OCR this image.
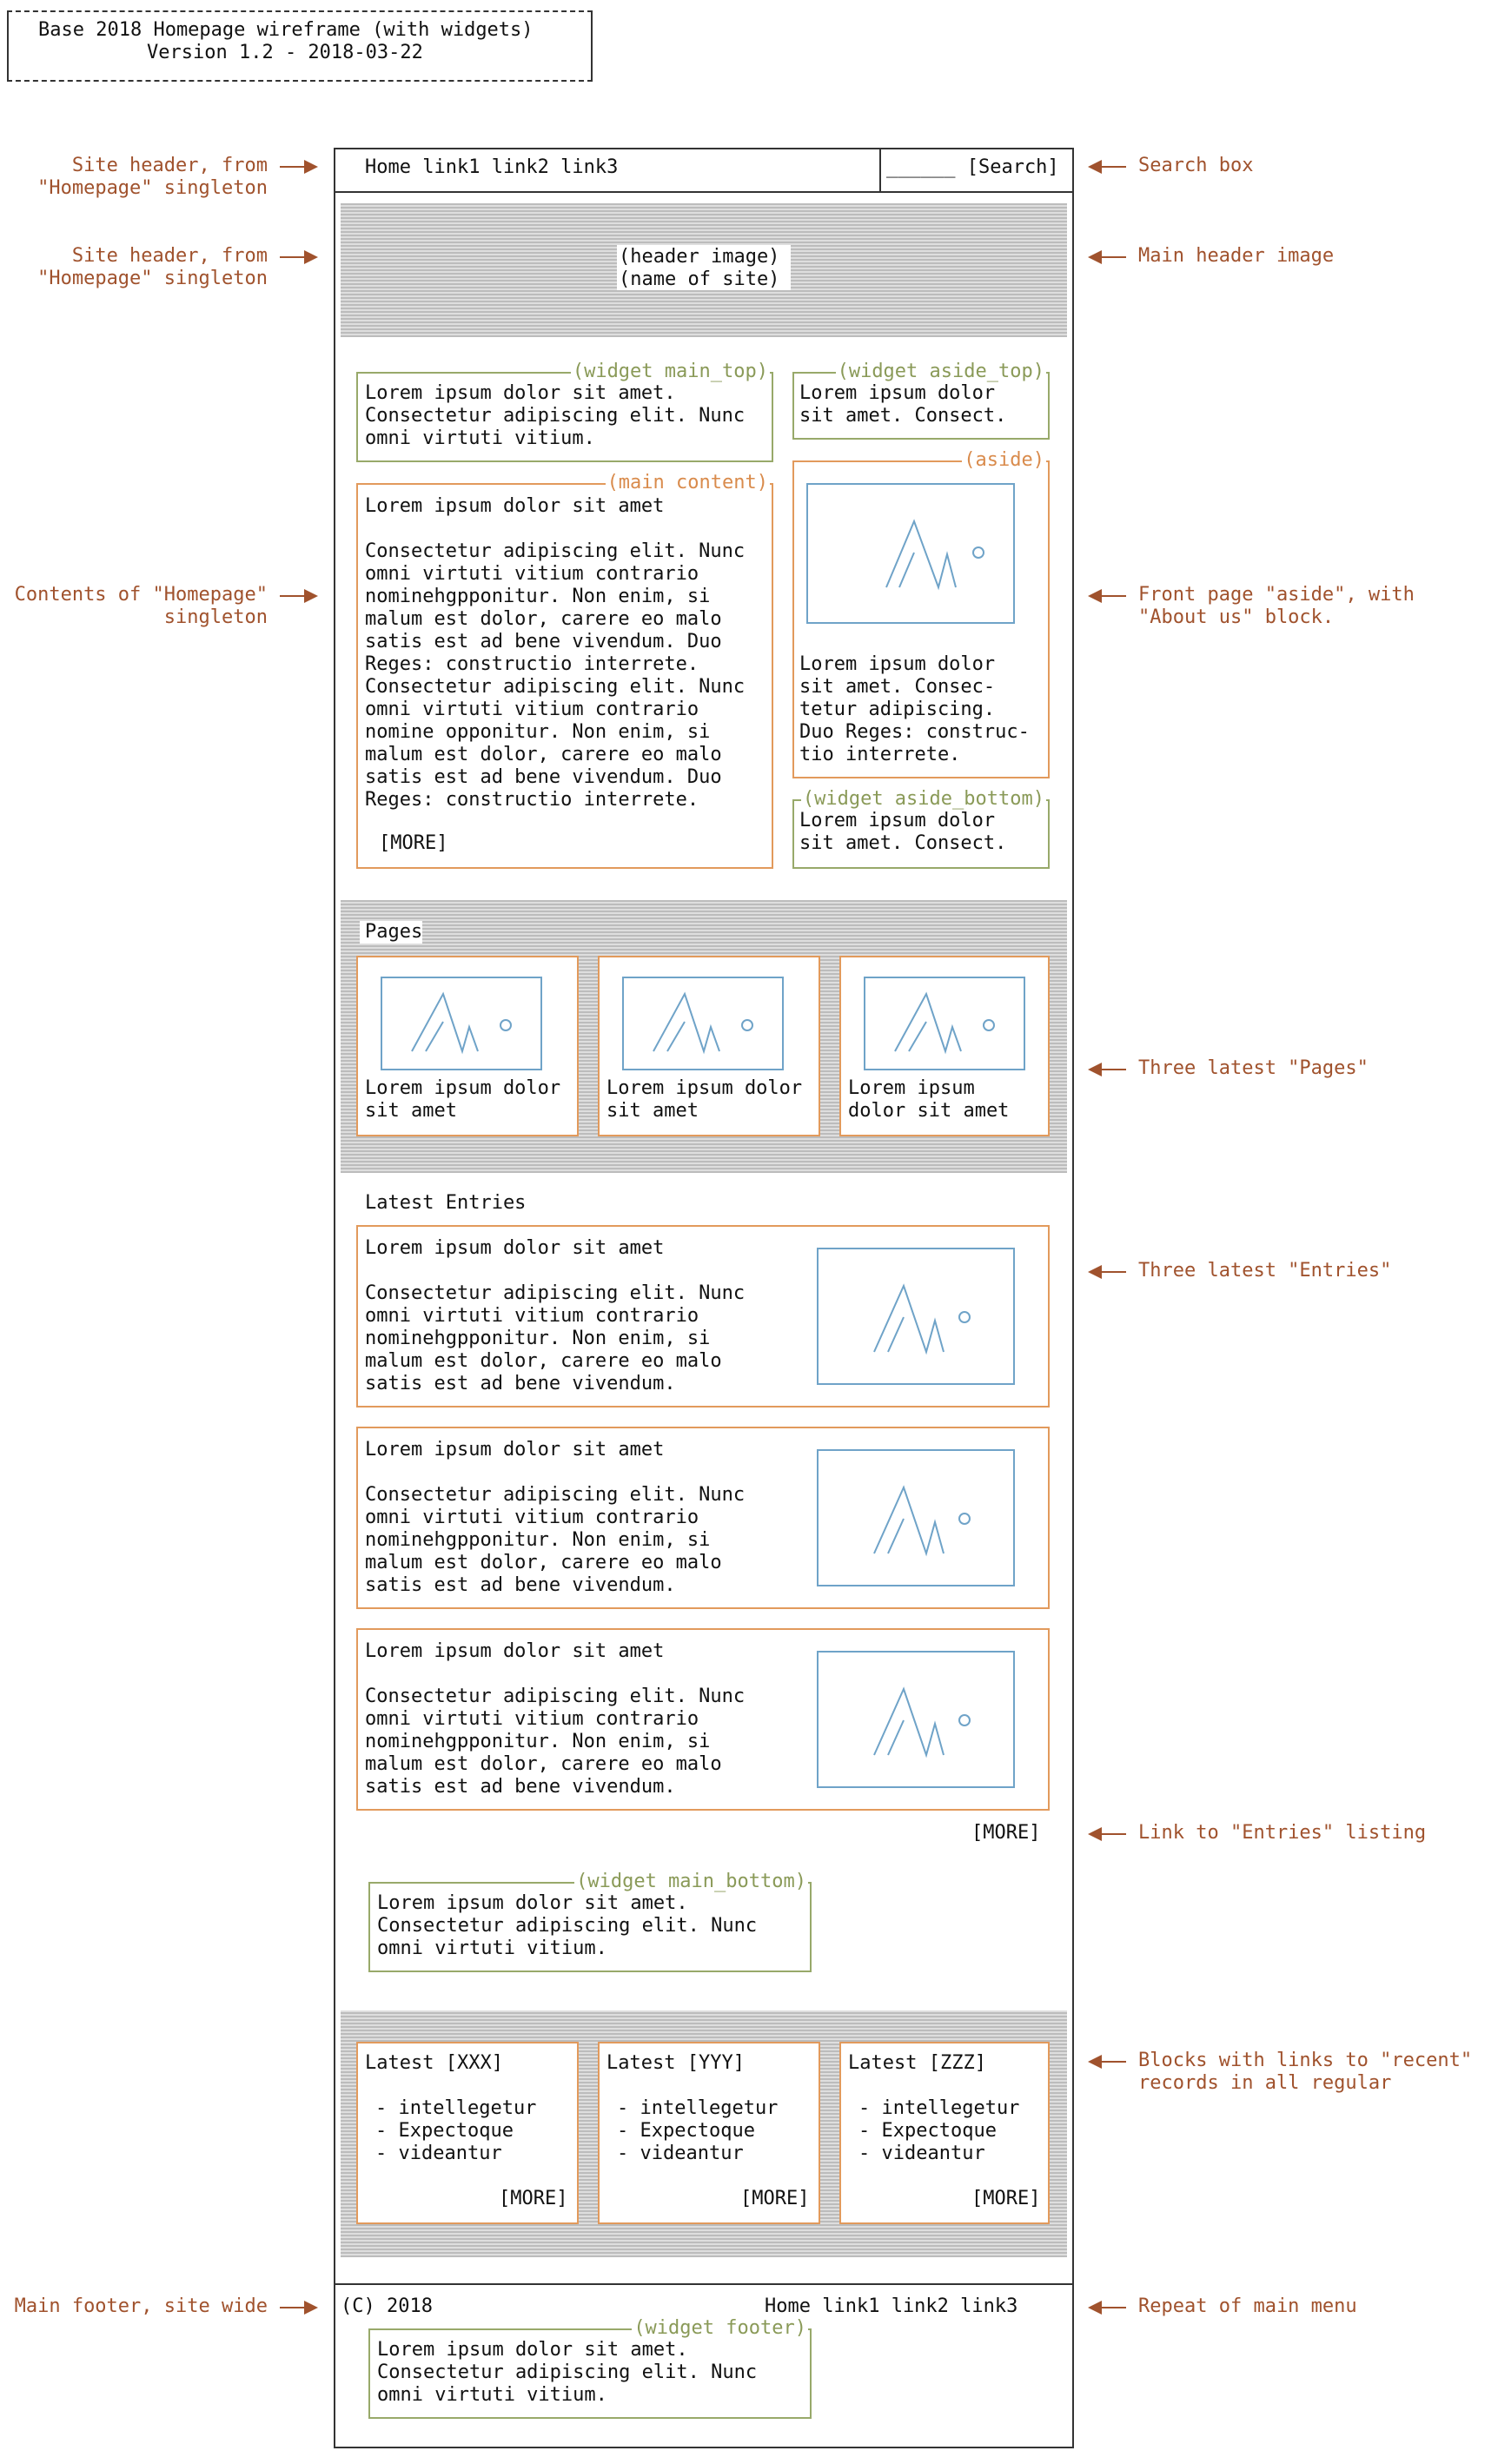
Base 2018 Homepage wireframe (with widgets)
Version 1.2 - 2018-03-22
Site header, from
"Homepage" singleton
Site header, from
"Homepage" singleton
Contents of "Homepage"
singleton
Main footer, site wide
Search box
Main header image
Front page "aside", with
"About us" block.
Three latest "Pages"
Three latest "Entries"
Link to "Entries" listing
Blocks with links to "recent"
records in all regular
Repeat of main menu
Home link1 link2 link3	______ [Search]
(header image)
(name of site)
(widget main_top)
Lorem ipsum dolor sit amet.
Consectetur adipiscing elit. Nunc
omni virtuti vitium.
(widget aside_top)
Lorem ipsum dolor
sit amet. Consect.
(main content)
Lorem ipsum dolor sit amet
Consectetur adipiscing elit. Nunc
omni virtuti vitium contrario
nominehgpponitur. Non enim, si
malum est dolor, carere eo malo
satis est ad bene vivendum. Duo
Reges: constructio interrete.
Consectetur adipiscing elit. Nunc
omni virtuti vitium contrario
nomine opponitur. Non enim, si
malum est dolor, carere eo malo
satis est ad bene vivendum. Duo
Reges: constructio interrete.
[MORE]
(aside)
Lorem ipsum dolor
sit amet. Consec-
tetur adipiscing.
Duo Reges: construc-
tio interrete.
(widget aside_bottom)
Lorem ipsum dolor
sit amet. Consect.
Pages
Lorem ipsum dolor
sit amet
Lorem ipsum dolor
sit amet
Lorem ipsum
dolor sit amet
Latest Entries
Lorem ipsum dolor sit amet
Consectetur adipiscing elit. Nunc
omni virtuti vitium contrario
nominehgpponitur. Non enim, si
malum est dolor, carere eo malo
satis est ad bene vivendum.
Lorem ipsum dolor sit amet
Consectetur adipiscing elit. Nunc
omni virtuti vitium contrario
nominehgpponitur. Non enim, si
malum est dolor, carere eo malo
satis est ad bene vivendum.
Lorem ipsum dolor sit amet
Consectetur adipiscing elit. Nunc
omni virtuti vitium contrario
nominehgpponitur. Non enim, si
malum est dolor, carere eo malo
satis est ad bene vivendum.
[MORE]
(widget main_bottom)
Lorem ipsum dolor sit amet.
Consectetur adipiscing elit. Nunc
omni virtuti vitium.
Latest [XXX]
- intellegetur
- Expectoque
- videantur
[MORE]
Latest [YYY]
- intellegetur
- Expectoque
- videantur
[MORE]
Latest [ZZZ]
- intellegetur
- Expectoque
- videantur
[MORE]
(C) 2018	Home link1 link2 link3
(widget footer)
Lorem ipsum dolor sit amet.
Consectetur adipiscing elit. Nunc
omni virtuti vitium.
